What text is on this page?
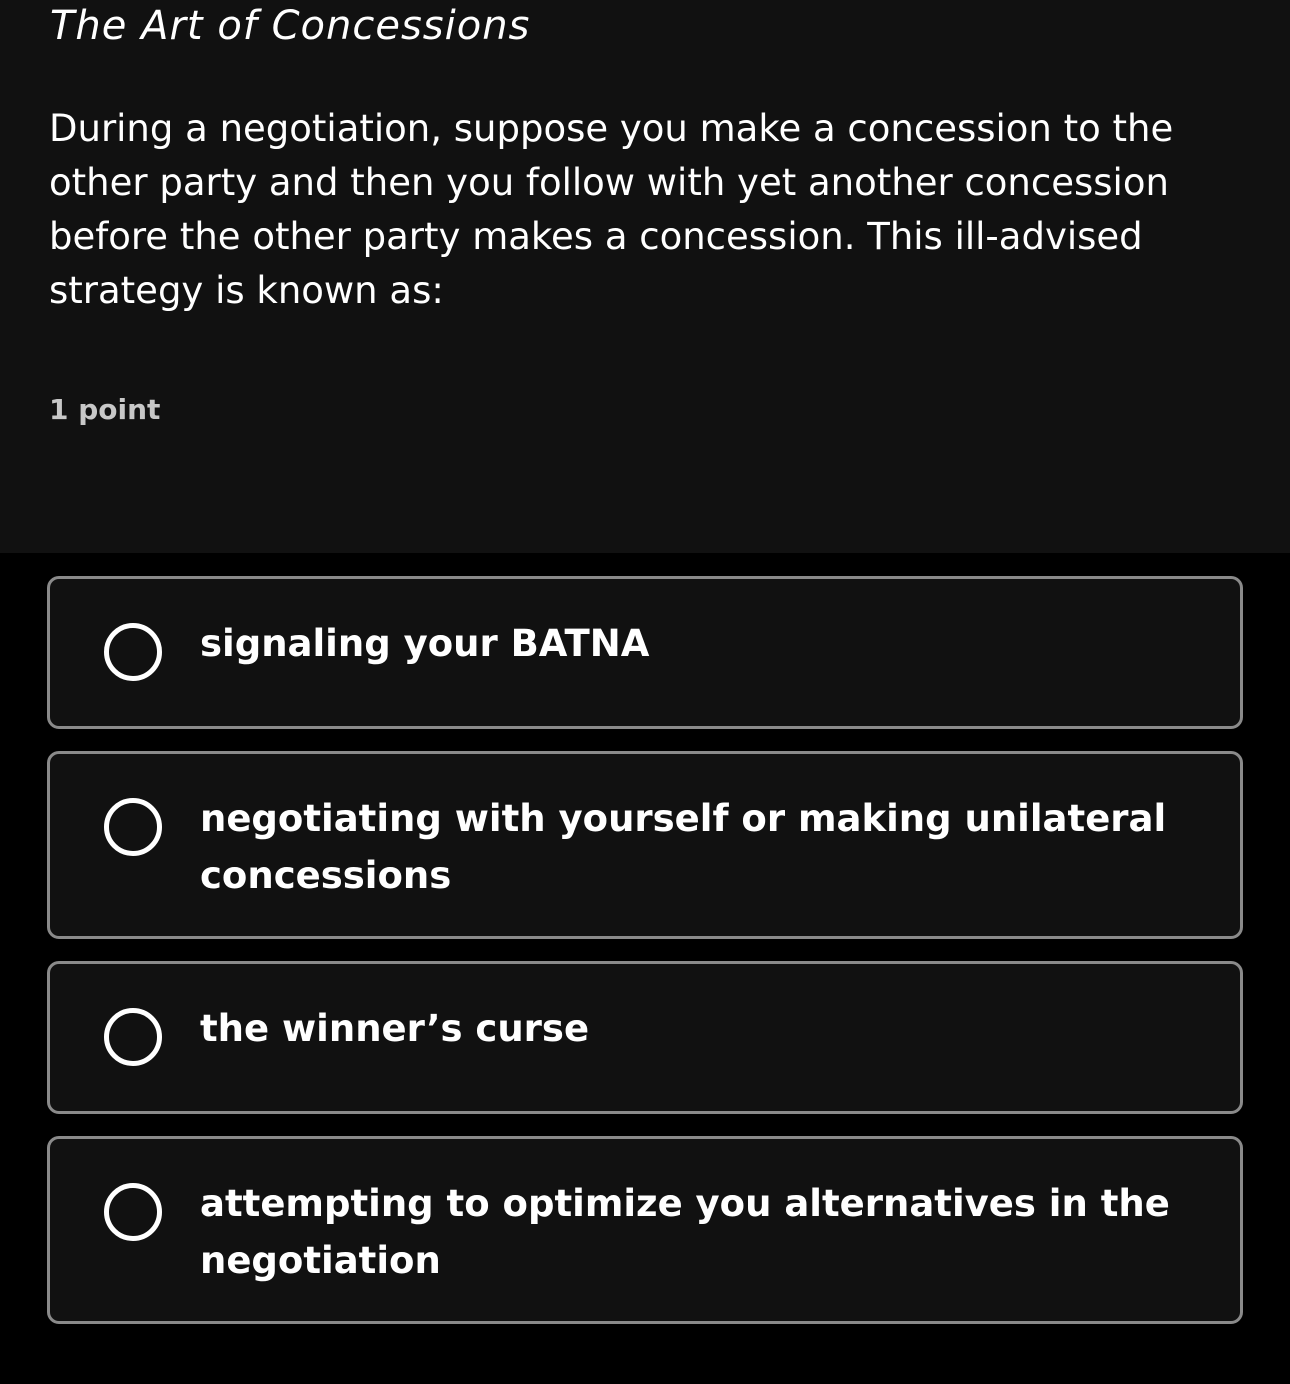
The Art of Concessions

During a negotiation, suppose you make a concession to the other party and then you follow with yet another concession before the other party makes a concession. This ill-advised strategy is known as:

1 point
signaling your BATNA
negotiating with yourself or making unilateral concessions
the winner’s curse
attempting to optimize you alternatives in the negotiation
